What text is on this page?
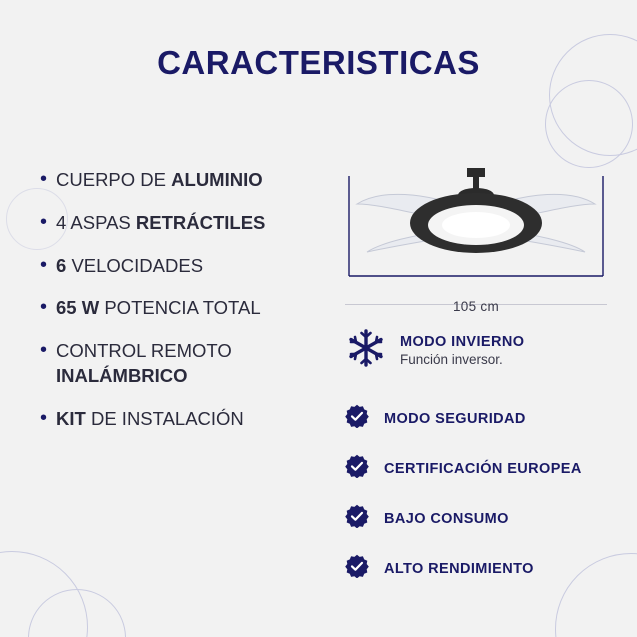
CARACTERISTICAS
• CUERPO DE ALUMINIO
• 4 ASPAS RETRÁCTILES
• 6 VELOCIDADES
• 65 W POTENCIA TOTAL
• CONTROL REMOTO INALÁMBRICO
• KIT DE INSTALACIÓN
105 cm
MODO INVIERNO
Función inversor.
MODO SEGURIDAD
CERTIFICACIÓN EUROPEA
BAJO CONSUMO
ALTO RENDIMIENTO
